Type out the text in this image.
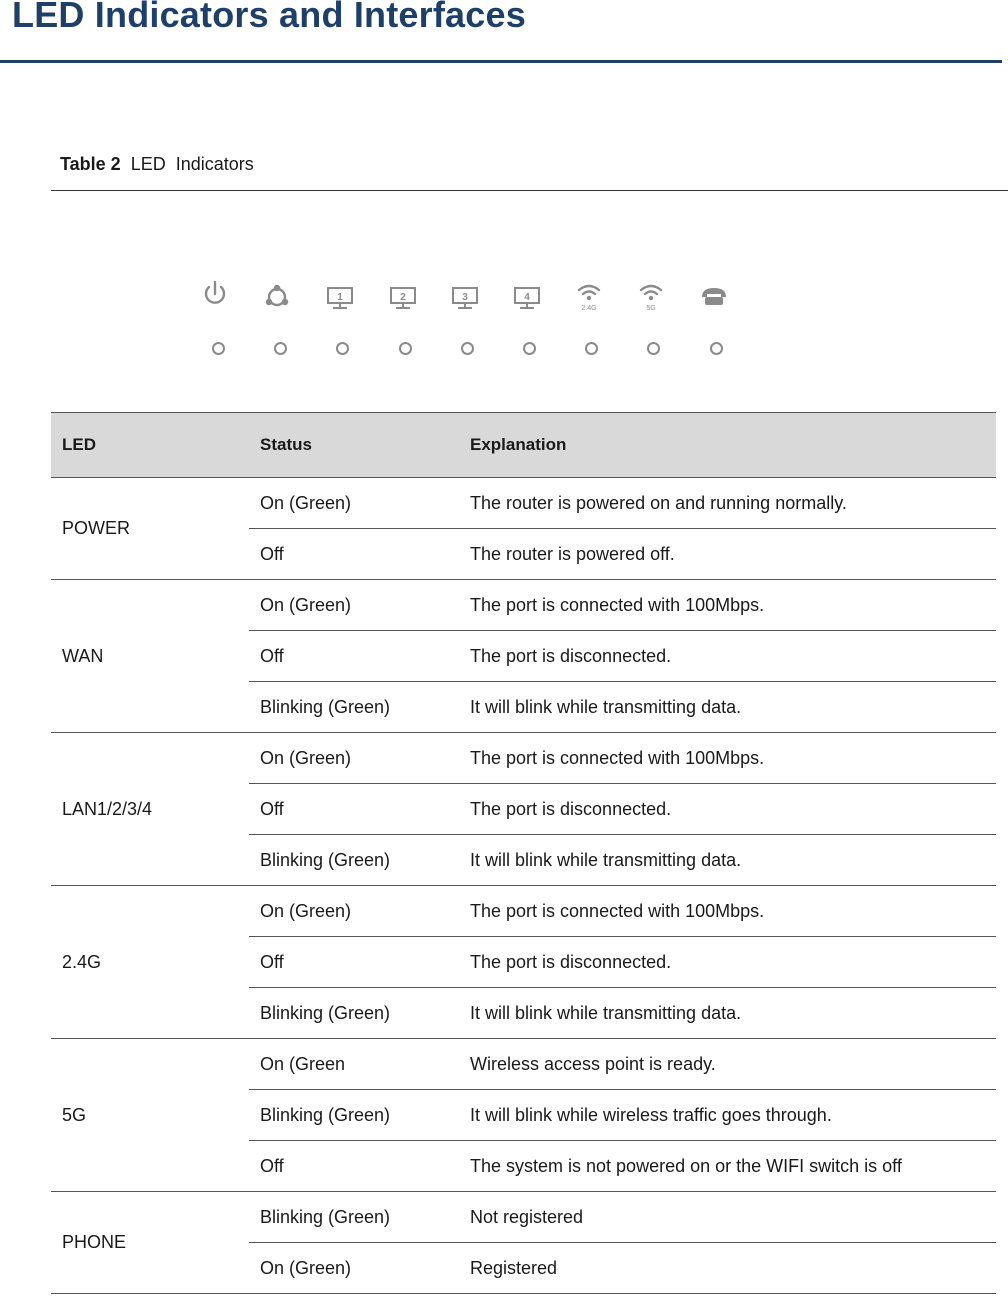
LED Indicators and Interfaces
Table 2 LED  Indicators
1	2	3	4
2.4G	5G
LED	Status	Explanation
POWER	On (Green)	The router is powered on and running normally.
	Off	The router is powered off.
WAN	On (Green)	The port is connected with 100Mbps.
	Off	The port is disconnected.
	Blinking (Green)	It will blink while transmitting data.
LAN1/2/3/4	On (Green)	The port is connected with 100Mbps.
	Off	The port is disconnected.
	Blinking (Green)	It will blink while transmitting data.
2.4G	On (Green)	The port is connected with 100Mbps.
	Off	The port is disconnected.
	Blinking (Green)	It will blink while transmitting data.
5G	On (Green	Wireless access point is ready.
	Blinking (Green)	It will blink while wireless traffic goes through.
	Off	The system is not powered on or the WIFI switch is off
PHONE	Blinking (Green)	Not registered
	On (Green)	Registered
